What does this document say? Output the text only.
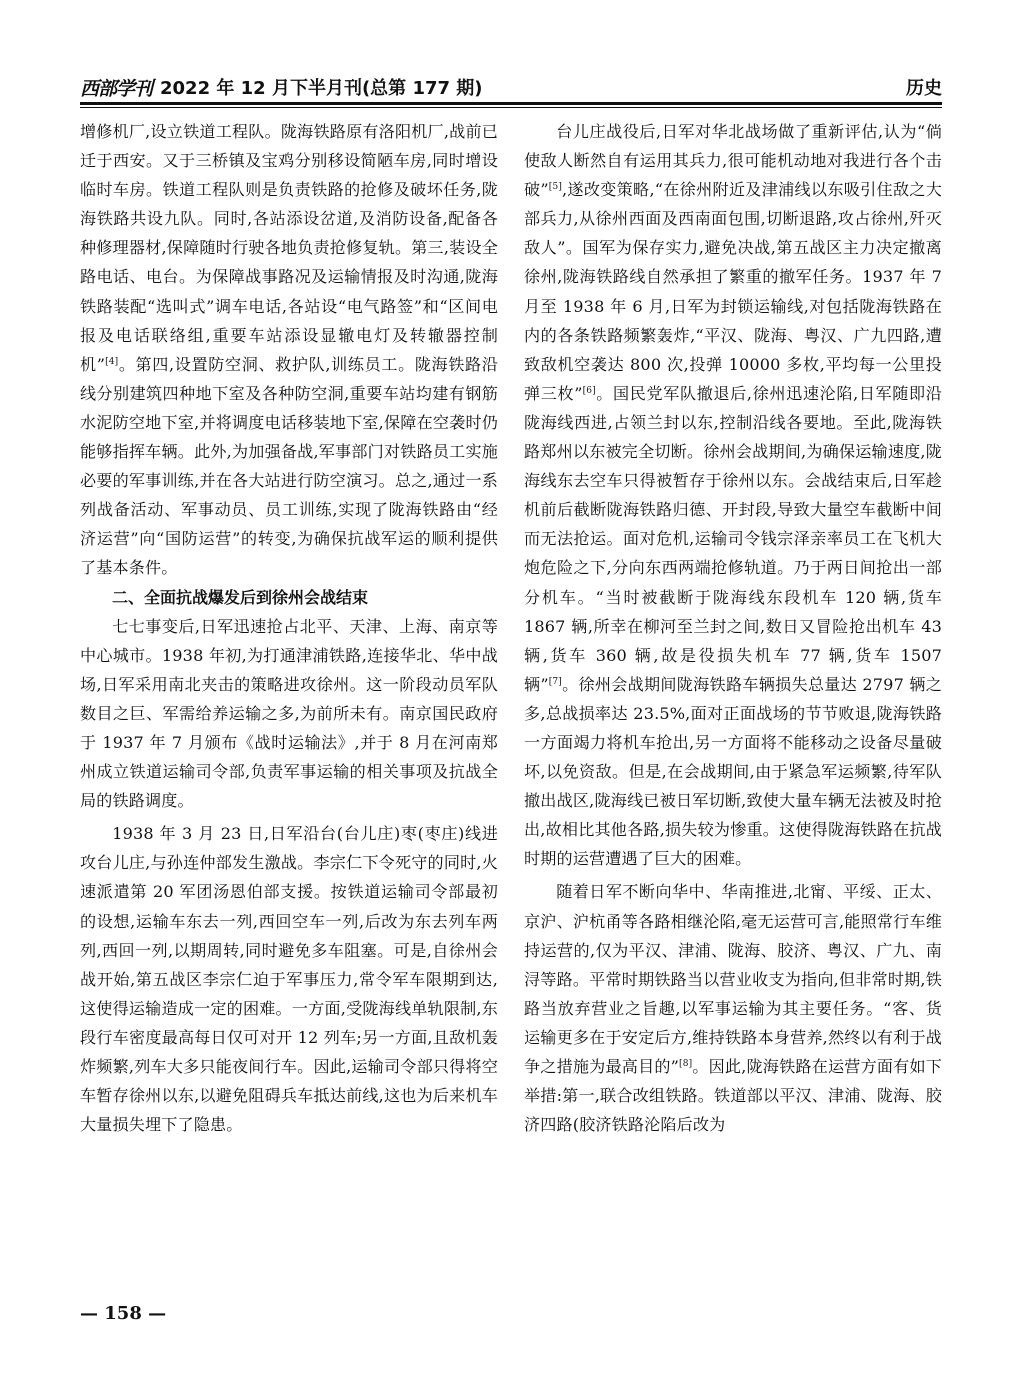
西部学刊 2022 年 12 月下半月刊(总第 177 期)	历史

增修机厂,设立铁道工程队。陇海铁路原有洛阳机厂,战前已迁于西安。又于三桥镇及宝鸡分别移设简陋车房,同时增设临时车房。铁道工程队则是负责铁路的抢修及破坏任务,陇海铁路共设九队。同时,各站添设岔道,及消防设备,配备各种修理器材,保障随时行驶各地负责抢修复轨。第三,装设全路电话、电台。为保障战事路况及运输情报及时沟通,陇海铁路装配“选叫式”调车电话,各站设“电气路签”和“区间电报及电话联络组,重要车站添设显辙电灯及转辙器控制机”[4]。第四,设置防空洞、救护队,训练员工。陇海铁路沿线分别建筑四种地下室及各种防空洞,重要车站均建有钢筋水泥防空地下室,并将调度电话移装地下室,保障在空袭时仍能够指挥车辆。此外,为加强备战,军事部门对铁路员工实施必要的军事训练,并在各大站进行防空演习。总之,通过一系列战备活动、军事动员、员工训练,实现了陇海铁路由“经济运营”向“国防运营”的转变,为确保抗战军运的顺利提供了基本条件。

二、全面抗战爆发后到徐州会战结束

七七事变后,日军迅速抢占北平、天津、上海、南京等中心城市。1938 年初,为打通津浦铁路,连接华北、华中战场,日军采用南北夹击的策略进攻徐州。这一阶段动员军队数目之巨、军需给养运输之多,为前所未有。南京国民政府于 1937 年 7 月颁布《战时运输法》,并于 8 月在河南郑州成立铁道运输司令部,负责军事运输的相关事项及抗战全局的铁路调度。

1938 年 3 月 23 日,日军沿台(台儿庄)枣(枣庄)线进攻台儿庄,与孙连仲部发生激战。李宗仁下令死守的同时,火速派遣第 20 军团汤恩伯部支援。按铁道运输司令部最初的设想,运输车东去一列,西回空车一列,后改为东去列车两列,西回一列,以期周转,同时避免多车阻塞。可是,自徐州会战开始,第五战区李宗仁迫于军事压力,常令军车限期到达,这使得运输造成一定的困难。一方面,受陇海线单轨限制,东段行车密度最高每日仅可对开 12 列车;另一方面,且敌机轰炸频繁,列车大多只能夜间行车。因此,运输司令部只得将空车暂存徐州以东,以避免阻碍兵车抵达前线,这也为后来机车大量损失埋下了隐患。

台儿庄战役后,日军对华北战场做了重新评估,认为“倘使敌人断然自有运用其兵力,很可能机动地对我进行各个击破”[5],遂改变策略,“在徐州附近及津浦线以东吸引住敌之大部兵力,从徐州西面及西南面包围,切断退路,攻占徐州,歼灭敌人”。国军为保存实力,避免决战,第五战区主力决定撤离徐州,陇海铁路线自然承担了繁重的撤军任务。1937 年 7 月至 1938 年 6 月,日军为封锁运输线,对包括陇海铁路在内的各条铁路频繁轰炸,“平汉、陇海、粤汉、广九四路,遭致敌机空袭达 800 次,投弹 10000 多枚,平均每一公里投弹三枚”[6]。国民党军队撤退后,徐州迅速沦陷,日军随即沿陇海线西进,占领兰封以东,控制沿线各要地。至此,陇海铁路郑州以东被完全切断。徐州会战期间,为确保运输速度,陇海线东去空车只得被暂存于徐州以东。会战结束后,日军趁机前后截断陇海铁路归德、开封段,导致大量空车截断中间而无法抢运。面对危机,运输司令钱宗泽亲率员工在飞机大炮危险之下,分向东西两端抢修轨道。乃于两日间抢出一部分机车。“当时被截断于陇海线东段机车 120 辆,货车 1867 辆,所幸在柳河至兰封之间,数日又冒险抢出机车 43 辆,货车 360 辆,故是役损失机车 77 辆,货车 1507 辆”[7]。徐州会战期间陇海铁路车辆损失总量达 2797 辆之多,总战损率达 23.5%,面对正面战场的节节败退,陇海铁路一方面竭力将机车抢出,另一方面将不能移动之设备尽量破坏,以免资敌。但是,在会战期间,由于紧急军运频繁,待军队撤出战区,陇海线已被日军切断,致使大量车辆无法被及时抢出,故相比其他各路,损失较为惨重。这使得陇海铁路在抗战时期的运营遭遇了巨大的困难。

随着日军不断向华中、华南推进,北甯、平绥、正太、京沪、沪杭甬等各路相继沦陷,毫无运营可言,能照常行车维持运营的,仅为平汉、津浦、陇海、胶济、粤汉、广九、南浔等路。平常时期铁路当以营业收支为指向,但非常时期,铁路当放弃营业之旨趣,以军事运输为其主要任务。“客、货运输更多在于安定后方,维持铁路本身营养,然终以有利于战争之措施为最高目的”[8]。因此,陇海铁路在运营方面有如下举措:第一,联合改组铁路。铁道部以平汉、津浦、陇海、胶济四路(胶济铁路沦陷后改为

— 158 —
